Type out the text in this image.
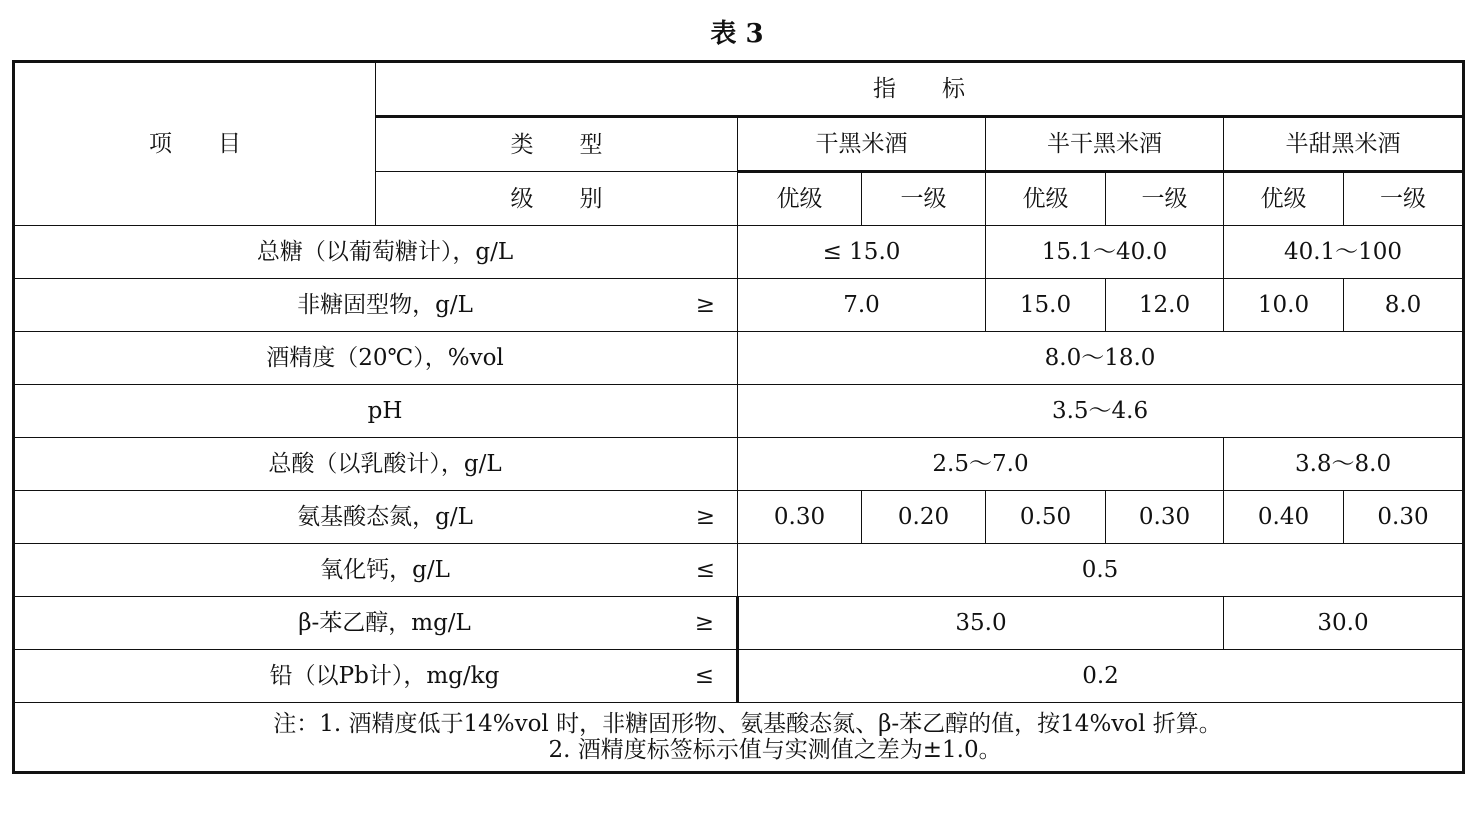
表 3
项　　目	指　　标						
	类　　型	干黑米酒		半干黑米酒		半甜黑米酒	
	级　　别	优级	一级	优级	一级	优级	一级
总糖（以葡萄糖计），g/L		≤ 15.0		15.1～40.0		40.1～100	
非糖固型物，g/L ≥		7.0		15.0	12.0	10.0	8.0
酒精度（20℃），%vol		8.0～18.0					
pH		3.5～4.6					
总酸（以乳酸计），g/L		2.5～7.0				3.8～8.0	
氨基酸态氮，g/L ≥		0.30	0.20	0.50	0.30	0.40	0.30
氧化钙，g/L ≤		0.5					
β-苯乙醇，mg/L ≥		35.0				30.0	
铅（以Pb计），mg/kg ≤		0.2					

注：1. 酒精度低于14%vol 时，非糖固形物、氨基酸态氮、β-苯乙醇的值，按14%vol 折算。
2. 酒精度标签标示值与实测值之差为±1.0。							
